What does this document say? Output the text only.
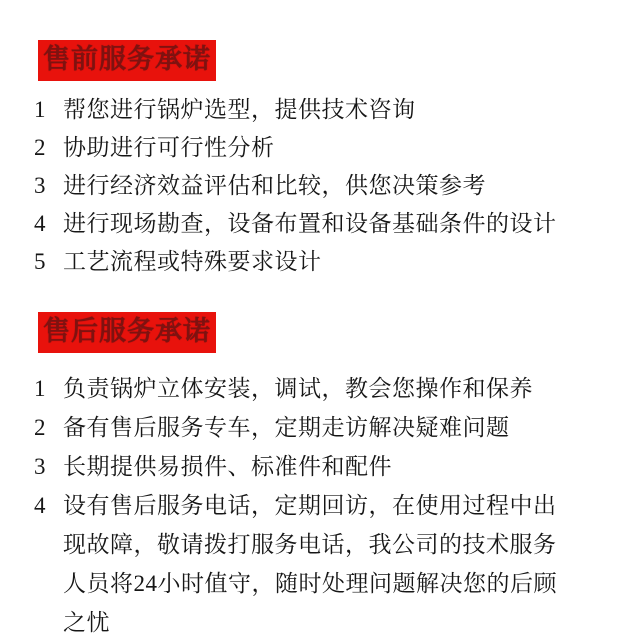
售前服务承诺
1 帮您进行锅炉选型，提供技术咨询
2 协助进行可行性分析
3 进行经济效益评估和比较，供您决策参考
4 进行现场勘查，设备布置和设备基础条件的设计
5 工艺流程或特殊要求设计
售后服务承诺
1 负责锅炉立体安装，调试，教会您操作和保养
2 备有售后服务专车，定期走访解决疑难问题
3 长期提供易损件、标准件和配件
4 设有售后服务电话，定期回访，在使用过程中出现故障，敬请拨打服务电话，我公司的技术服务人员将24小时值守，随时处理问题解决您的后顾之忧
